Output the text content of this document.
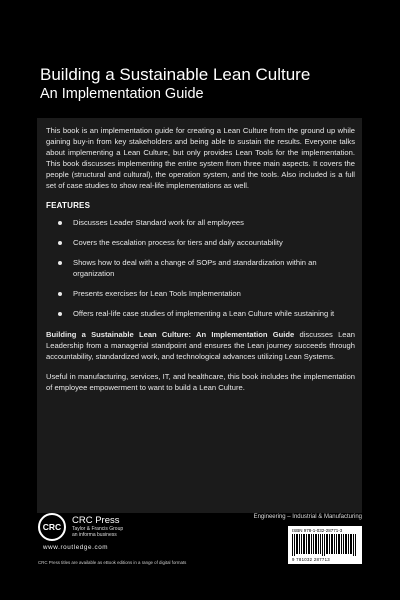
Building a Sustainable Lean Culture
An Implementation Guide

This book is an implementation guide for creating a Lean Culture from the ground up while gaining buy-in from key stakeholders and being able to sustain the results. Everyone talks about implementing a Lean Culture, but only provides Lean Tools for the implementation. This book discusses implementing the entire system from three main aspects. It covers the people (structural and cultural), the operation system, and the tools. Also included is a full set of case studies to show real-life implementations as well.

FEATURES
Discusses Leader Standard work for all employees
Covers the escalation process for tiers and daily accountability
Shows how to deal with a change of SOPs and standardization within an organization
Presents exercises for Lean Tools Implementation
Offers real-life case studies of implementing a Lean Culture while sustaining it

Building a Sustainable Lean Culture: An Implementation Guide discusses Lean Leadership from a managerial standpoint and ensures the Lean journey succeeds through accountability, standardized work, and technological advances utilizing Lean Systems.

Useful in manufacturing, services, IT, and healthcare, this book includes the implementation of employee empowerment to want to build a Lean Culture.

Engineering – Industrial & Manufacturing
ISBN 978-1-032-28771-3
9 781032 287713
CRC
CRC Press
Taylor & Francis Group
an informa business
www.routledge.com
CRC Press titles are available as eBook editions in a range of digital formats
